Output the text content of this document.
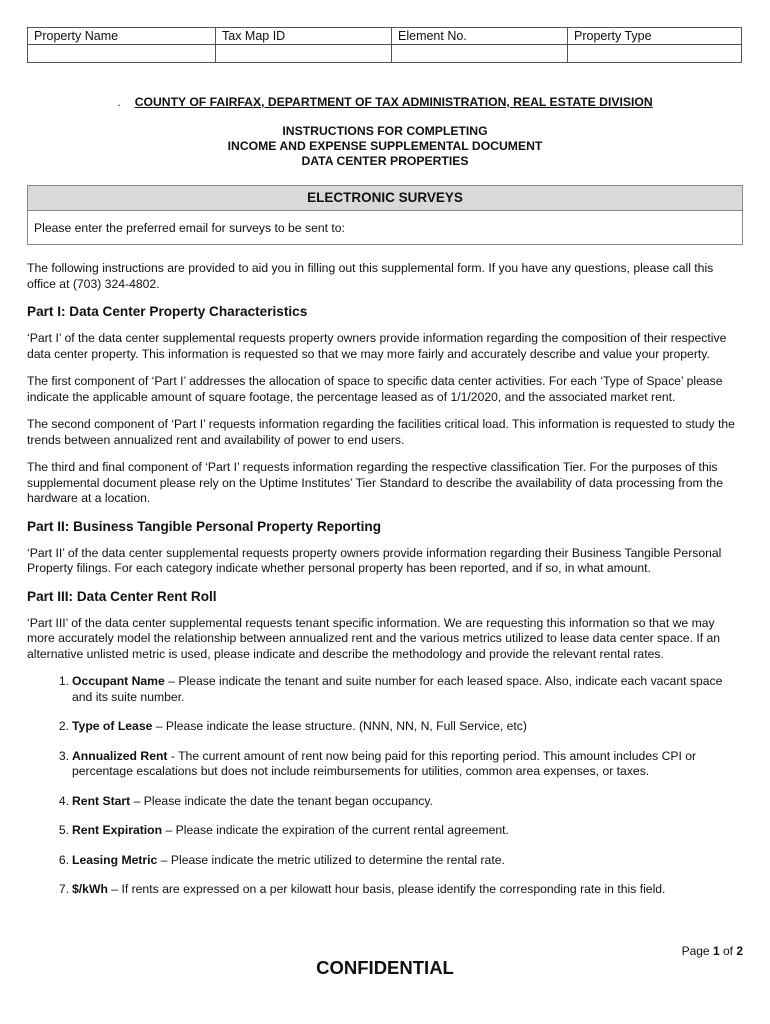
Property Name	Tax Map ID	Element No.	Property Type

. COUNTY OF FAIRFAX, DEPARTMENT OF TAX ADMINISTRATION, REAL ESTATE DIVISION
INSTRUCTIONS FOR COMPLETING
INCOME AND EXPENSE SUPPLEMENTAL DOCUMENT
DATA CENTER PROPERTIES
ELECTRONIC SURVEYS
Please enter the preferred email for surveys to be sent to:

The following instructions are provided to aid you in filling out this supplemental form. If you have any questions, please call this office at (703) 324-4802.

Part I: Data Center Property Characteristics

‘Part I’ of the data center supplemental requests property owners provide information regarding the composition of their respective data center property. This information is requested so that we may more fairly and accurately describe and value your property.

The first component of ‘Part I’ addresses the allocation of space to specific data center activities. For each ‘Type of Space’ please indicate the applicable amount of square footage, the percentage leased as of 1/1/2020, and the associated market rent.

The second component of ‘Part I’ requests information regarding the facilities critical load. This information is requested to study the trends between annualized rent and availability of power to end users.

The third and final component of ‘Part I’ requests information regarding the respective classification Tier. For the purposes of this supplemental document please rely on the Uptime Institutes’ Tier Standard to describe the availability of data processing from the hardware at a location.

Part II: Business Tangible Personal Property Reporting

‘Part II’ of the data center supplemental requests property owners provide information regarding their Business Tangible Personal Property filings. For each category indicate whether personal property has been reported, and if so, in what amount.

Part III: Data Center Rent Roll

‘Part III’ of the data center supplemental requests tenant specific information. We are requesting this information so that we may more accurately model the relationship between annualized rent and the various metrics utilized to lease data center space. If an alternative unlisted metric is used, please indicate and describe the methodology and provide the relevant rental rates.

1. Occupant Name – Please indicate the tenant and suite number for each leased space. Also, indicate each vacant space and its suite number.
2. Type of Lease – Please indicate the lease structure. (NNN, NN, N, Full Service, etc)
3. Annualized Rent - The current amount of rent now being paid for this reporting period. This amount includes CPI or percentage escalations but does not include reimbursements for utilities, common area expenses, or taxes.
4. Rent Start – Please indicate the date the tenant began occupancy.
5. Rent Expiration – Please indicate the expiration of the current rental agreement.
6. Leasing Metric – Please indicate the metric utilized to determine the rental rate.
7. $/kWh – If rents are expressed on a per kilowatt hour basis, please identify the corresponding rate in this field.
Page 1 of 2
CONFIDENTIAL
